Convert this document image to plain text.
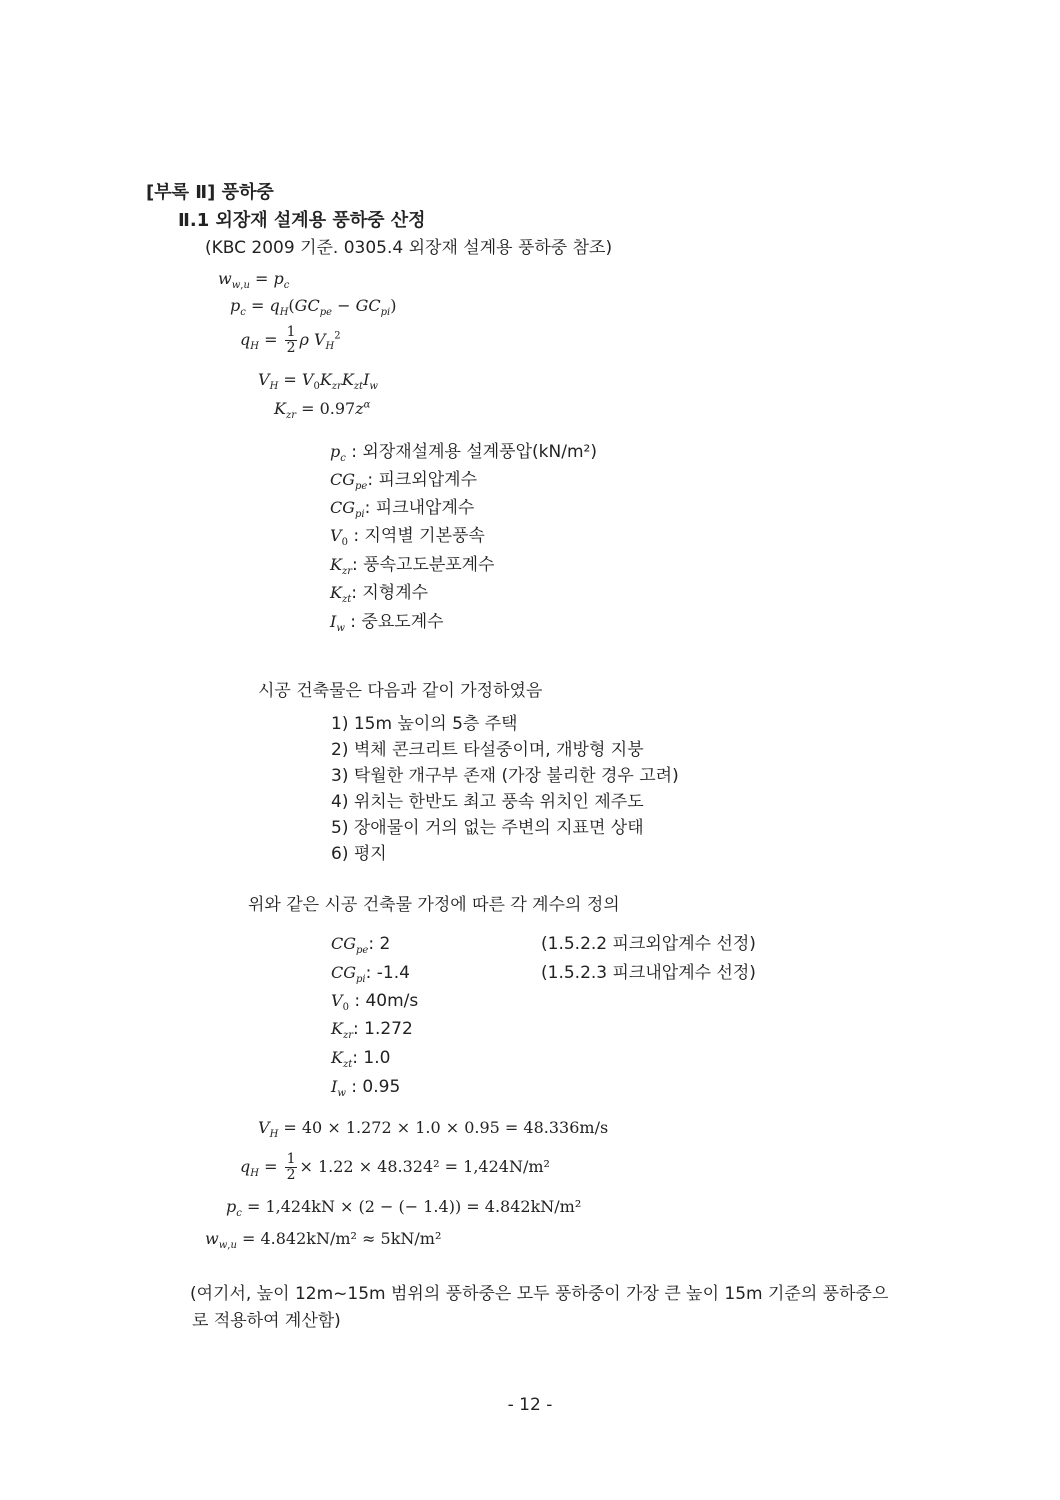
[부록 Ⅱ] 풍하중
Ⅱ.1 외장재 설계용 풍하중 산정
(KBC 2009 기준. 0305.4 외장재 설계용 풍하중 참조)
$w_{w,u} = p_c$
$p_c = q_H(GC_{pe} - GC_{pi})$
$q_H = \frac{1}{2}$ ρ $V_H^2$
$V_H = V_0K_{zr}K_{zt}I_w$
$K_{zr} = 0.97z^\alpha$
$p_c$ : 외장재설계용 설계풍압(kN/m²)
$CG_{pe}$: 피크외압계수
$CG_{pi}$: 피크내압계수
$V_0$ : 지역별 기본풍속
$K_{zr}$: 풍속고도분포계수
$K_{zt}$: 지형계수
$I_w$ : 중요도계수
시공 건축물은 다음과 같이 가정하였음
1) 15m 높이의 5층 주택
2) 벽체 콘크리트 타설중이며, 개방형 지붕
3) 탁월한 개구부 존재 (가장 불리한 경우 고려)
4) 위치는 한반도 최고 풍속 위치인 제주도
5) 장애물이 거의 없는 주변의 지표면 상태
6) 평지
위와 같은 시공 건축물 가정에 따른 각 계수의 정의
$CG_{pe}$: 2	(1.5.2.2 피크외압계수 선정)
$CG_{pi}$: -1.4	(1.5.2.3 피크내압계수 선정)
$V_0$ : 40m/s
$K_{zr}$: 1.272
$K_{zt}$: 1.0
$I_w$ : 0.95
$V_H = 40 \times 1.272 \times 1.0 \times 0.95 = 48.336m/s$
$q_H = \frac{1}{2} \times 1.22 \times 48.324^2 = 1,424N/m^2$
$p_c = 1,424kN \times (2$ − (− 1.4)) = 4.842kN/m²
$w_{w,u} = 4.842kN/m^2 \approx 5kN/m^2$
(여기서, 높이 12m~15m 범위의 풍하중은 모두 풍하중이 가장 큰 높이 15m 기준의 풍하중으
로 적용하여 계산함)
- 12 -
